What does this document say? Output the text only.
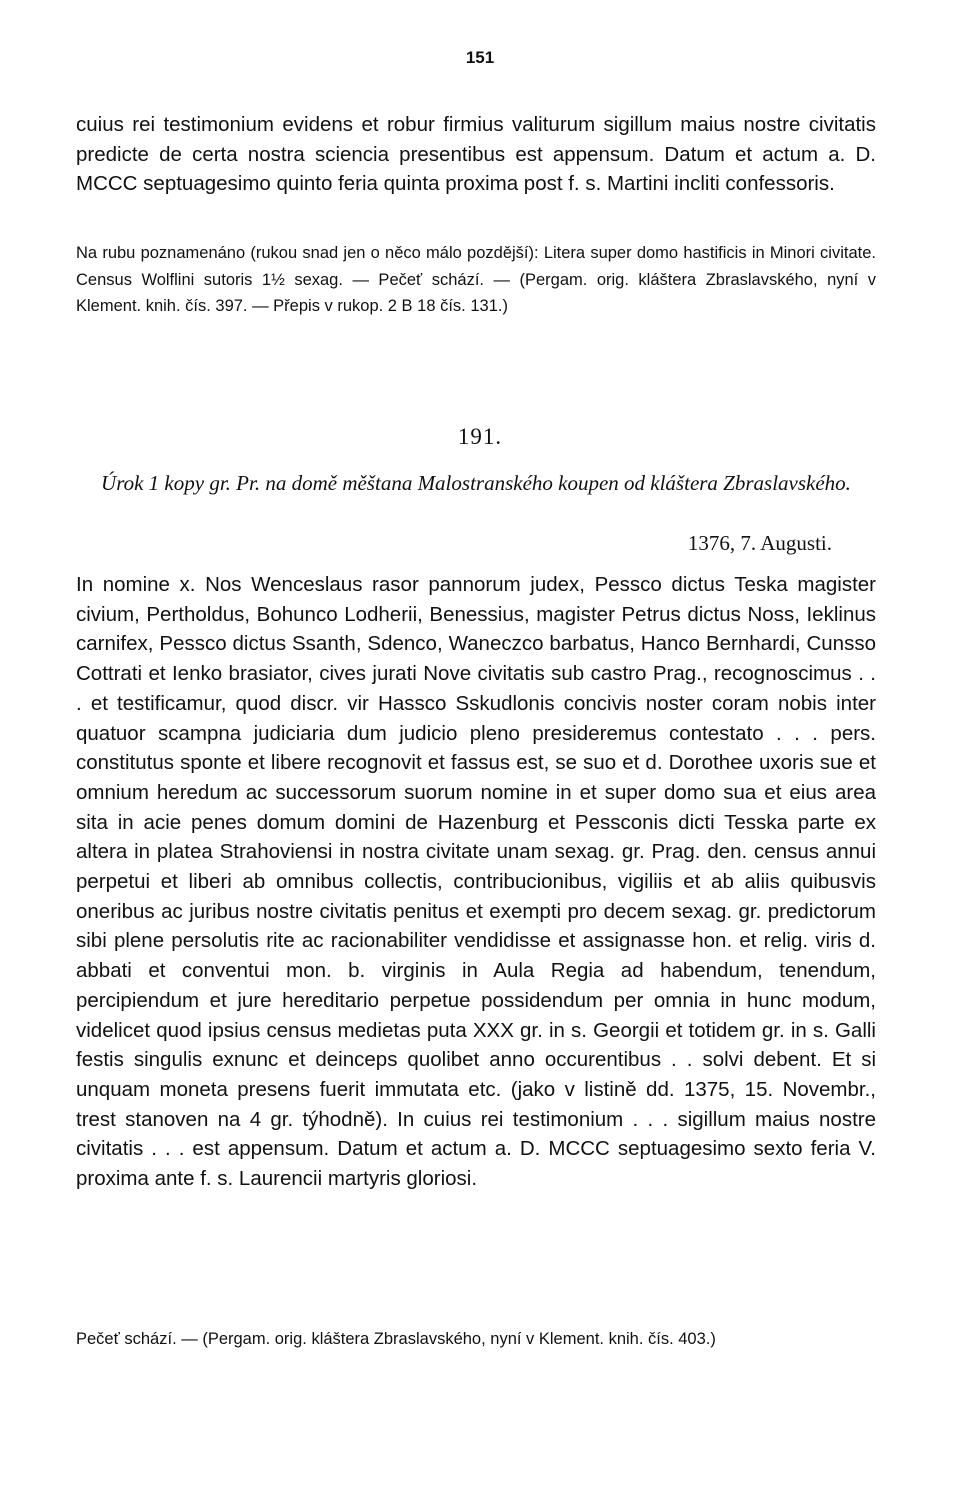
151

cuius rei testimonium evidens et robur firmius valiturum sigillum maius nostre civitatis predicte de certa nostra sciencia presentibus est appensum. Datum et actum a. D. MCCC septuagesimo quinto feria quinta proxima post f. s. Martini incliti confessoris.

Na rubu poznamenáno (rukou snad jen o něco málo pozdější): Litera super domo hastificis in Minori civitate. Census Wolflini sutoris 1½ sexag. — Pečeť schází. — (Pergam. orig. kláštera Zbraslavského, nyní v Klement. knih. čís. 397. — Přepis v rukop. 2 B 18 čís. 131.)

191.

Úrok 1 kopy gr. Pr. na domě měštana Malostranského koupen od kláštera Zbraslavského.

1376, 7. Augusti.

In nomine x. Nos Wenceslaus rasor pannorum judex, Pessco dictus Teska magister civium, Pertholdus, Bohunco Lodherii, Benessius, magister Petrus dictus Noss, Ieklinus carnifex, Pessco dictus Ssanth, Sdenco, Waneczco barbatus, Hanco Bernhardi, Cunsso Cottrati et Ienko brasiator, cives jurati Nove civitatis sub castro Prag., recognoscimus . . . et testificamur, quod discr. vir Hassco Sskudlonis concivis noster coram nobis inter quatuor scampna judiciaria dum judicio pleno presideremus contestato . . . pers. constitutus sponte et libere recognovit et fassus est, se suo et d. Dorothee uxoris sue et omnium heredum ac successorum suorum nomine in et super domo sua et eius area sita in acie penes domum domini de Hazenburg et Pessconis dicti Tesska parte ex altera in platea Strahoviensi in nostra civitate unam sexag. gr. Prag. den. census annui perpetui et liberi ab omnibus collectis, contribucionibus, vigiliis et ab aliis quibusvis oneribus ac juribus nostre civitatis penitus et exempti pro decem sexag. gr. predictorum sibi plene persolutis rite ac racionabiliter vendidisse et assignasse hon. et relig. viris d. abbati et conventui mon. b. virginis in Aula Regia ad habendum, tenendum, percipiendum et jure hereditario perpetue possidendum per omnia in hunc modum, videlicet quod ipsius census medietas puta XXX gr. in s. Georgii et totidem gr. in s. Galli festis singulis exnunc et deinceps quolibet anno occurentibus . . solvi debent. Et si unquam moneta presens fuerit immutata etc. (jako v listině dd. 1375, 15. Novembr., trest stanoven na 4 gr. týhodně). In cuius rei testimonium . . . sigillum maius nostre civitatis . . . est appensum. Datum et actum a. D. MCCC septuagesimo sexto feria V. proxima ante f. s. Laurencii martyris gloriosi.

Pečeť schází. — (Pergam. orig. kláštera Zbraslavského, nyní v Klement. knih. čís. 403.)
